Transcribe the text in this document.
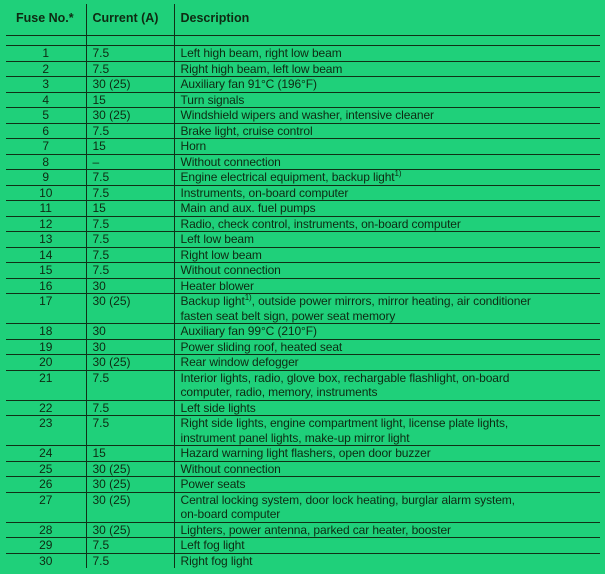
Fuse No.*	Current (A)	Description

1	7.5	Left high beam, right low beam

2	7.5	Right high beam, left low beam

3	30 (25)	Auxiliary fan 91°C (196°F)

4	15	Turn signals

5	30 (25)	Windshield wipers and washer, intensive cleaner

6	7.5	Brake light, cruise control

7	15	Horn

8	–	Without connection

9	7.5	Engine electrical equipment, backup light$^{1)}$

10	7.5	Instruments, on-board computer

11	15	Main and aux. fuel pumps

12	7.5	Radio, check control, instruments, on-board computer

13	7.5	Left low beam

14	7.5	Right low beam

15	7.5	Without connection

16	30	Heater blower

17	30 (25)	Backup light$^{1)}$, outside power mirrors, mirror heating, air conditioner
fasten seat belt sign, power seat memory

18	30	Auxiliary fan 99°C (210°F)

19	30	Power sliding roof, heated seat

20	30 (25)	Rear window defogger

21	7.5	Interior lights, radio, glove box, rechargable flashlight, on-board
computer, radio, memory, instruments

22	7.5	Left side lights

23	7.5	Right side lights, engine compartment light, license plate lights,
instrument panel lights, make-up mirror light

24	15	Hazard warning light flashers, open door buzzer

25	30 (25)	Without connection

26	30 (25)	Power seats

27	30 (25)	Central locking system, door lock heating, burglar alarm system,
on-board computer

28	30 (25)	Lighters, power antenna, parked car heater, booster

29	7.5	Left fog light

30	7.5	Right fog light
